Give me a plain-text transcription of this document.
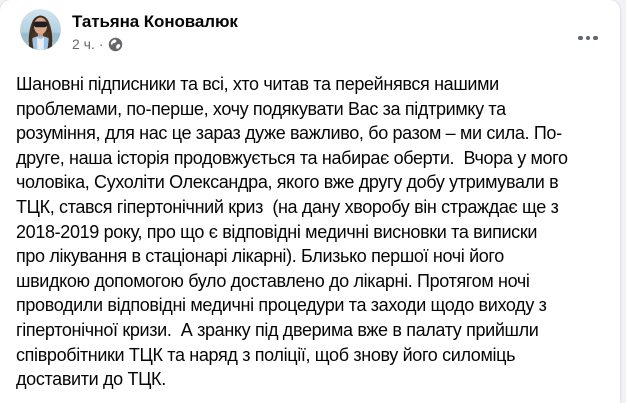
Татьяна Коновалюк
2 ч. ·
Шановні підписники та всі, хто читав та перейнявся нашими
проблемами, по-перше, хочу подякувати Вас за підтримку та
розуміння, для нас це зараз дуже важливо, бо разом – ми сила. По-
друге, наша історія продовжується та набирає оберти.  Вчора у мого
чоловіка, Сухоліти Олександра, якого вже другу добу утримували в
ТЦК, стався гіпертонічний криз  (на дану хворобу він страждає ще з
2018-2019 року, про що є відповідні медичні висновки та виписки
про лікування в стаціонарі лікарні). Близько першої ночі його
швидкою допомогою було доставлено до лікарні. Протягом ночі
проводили відповідні медичні процедури та заходи щодо виходу з
гіпертонічної кризи.  А зранку під дверима вже в палату прийшли
співробітники ТЦК та наряд з поліції, щоб знову його силоміць
доставити до ТЦК.
